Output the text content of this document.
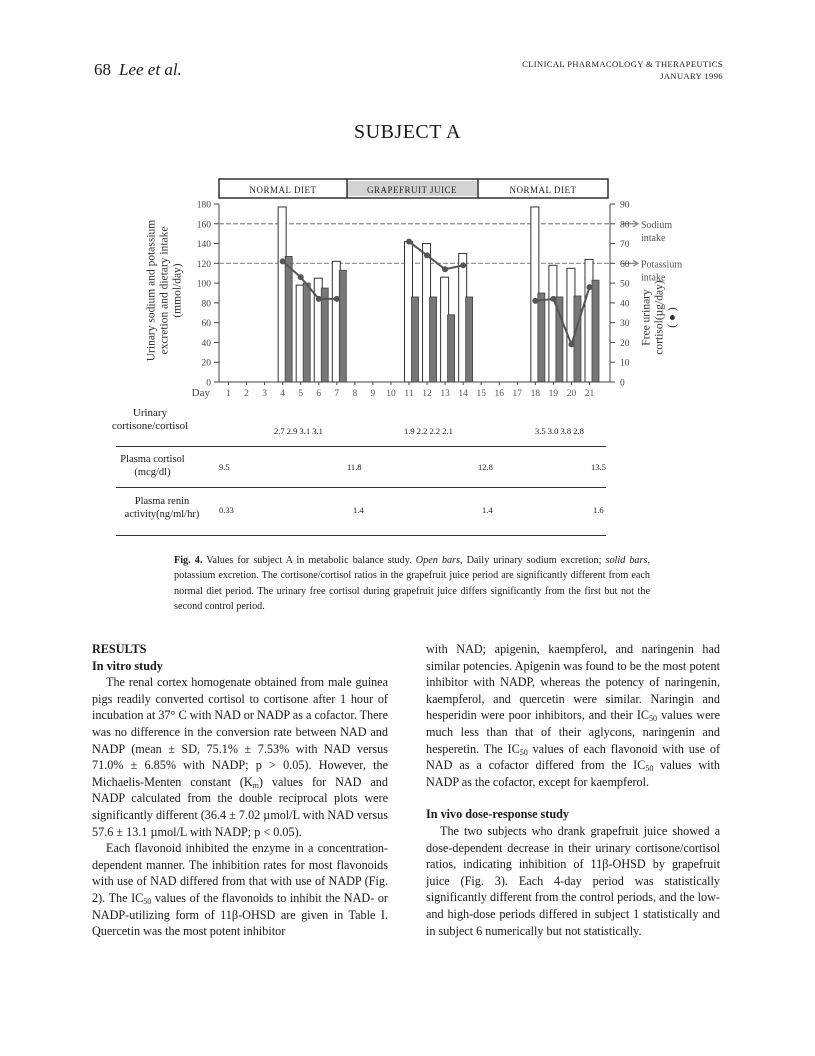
68 Lee et al.	CLINICAL PHARMACOLOGY & THERAPEUTICS
JANUARY 1996
SUBJECT A
NORMAL DIET	GRAPEFRUIT JUICE	NORMAL DIET
0
20
40
60
80
100
120
140
160
180
0
10
20
30
40
50
60
70
80
90
Day 1 2 3 4 5 6 7 8 9 10 11 12 13 14 15 16 17 18 19 20 21
Sodium
intake
Potassium
intake
Urinary sodium and potassium excretion and dietary intake (mmol/day)	Free urinary cortisol(µg/day) ( ● )
Urinary
cortisone/cortisol	2.7 2.9 3.1 3.1	1.9 2.2 2.2 2.1	3.5 3.0 3.8 2.8
Plasma cortisol
(mcg/dl)	9.5	11.8	12.8	13.5
Plasma renin
activity(ng/ml/hr)	0.33	1.4	1.4	1.6
Fig. 4. Values for subject A in metabolic balance study. Open bars, Daily urinary sodium excretion; solid bars, potassium excretion. The cortisone/cortisol ratios in the grapefruit juice period are significantly different from each normal diet period. The urinary free cortisol during grapefruit juice differs significantly from the first but not the second control period.
RESULTS
In vitro study

The renal cortex homogenate obtained from male guinea pigs readily converted cortisol to cortisone after 1 hour of incubation at 37° C with NAD or NADP as a cofactor. There was no difference in the conversion rate between NAD and NADP (mean ± SD, 75.1% ± 7.53% with NAD versus 71.0% ± 6.85% with NADP; p > 0.05). However, the Michaelis-Menten constant $(K_m)$ values for NAD and NADP calculated from the double reciprocal plots were significantly different (36.4 ± 7.02 µmol/L with NAD versus 57.6 ± 13.1 µmol/L with NADP; p < 0.05).

Each flavonoid inhibited the enzyme in a concentration-dependent manner. The inhibition rates for most flavonoids with use of NAD differed from that with use of NADP (Fig. 2). The $IC_{50}$ values of the flavonoids to inhibit the NAD- or NADP-utilizing form of 11β-OHSD are given in Table I. Quercetin was the most potent inhibitor

with NAD; apigenin, kaempferol, and naringenin had similar potencies. Apigenin was found to be the most potent inhibitor with NADP, whereas the potency of naringenin, kaempferol, and quercetin were similar. Naringin and hesperidin were poor inhibitors, and their $IC_{50}$ values were much less than that of their aglycons, naringenin and hesperetin. The $IC_{50}$ values of each flavonoid with use of NAD as a cofactor differed from the $IC_{50}$ values with NADP as the cofactor, except for kaempferol.

In vivo dose-response study

The two subjects who drank grapefruit juice showed a dose-dependent decrease in their urinary cortisone/cortisol ratios, indicating inhibition of 11β-OHSD by grapefruit juice (Fig. 3). Each 4-day period was statistically significantly different from the control periods, and the low- and high-dose periods differed in subject 1 statistically and in subject 6 numerically but not statistically.
